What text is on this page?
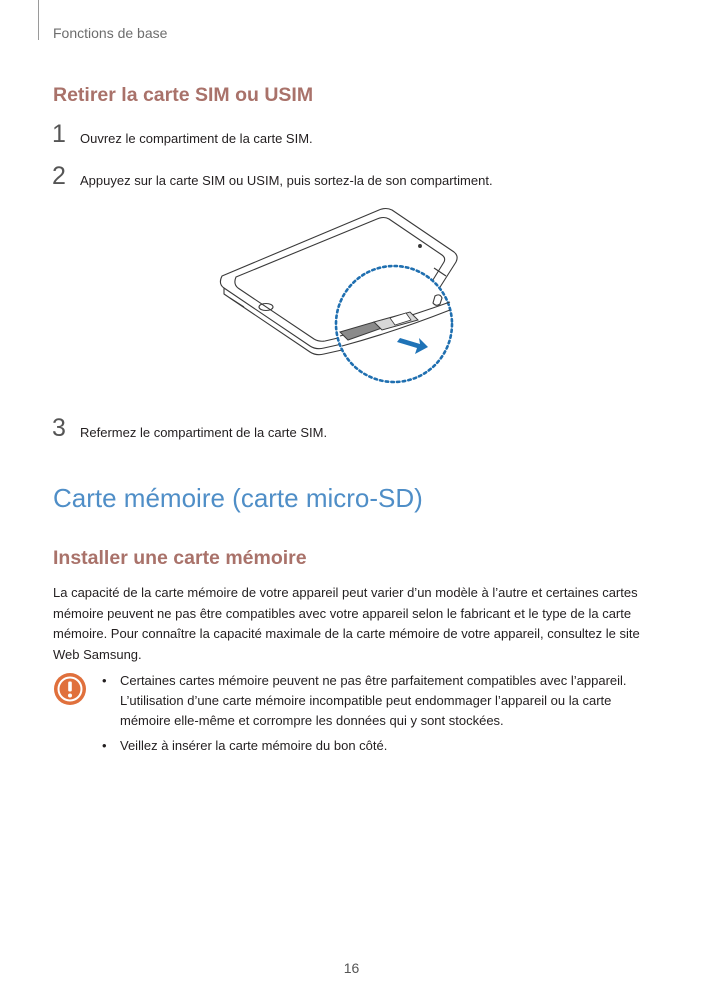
Fonctions de base
Retirer la carte SIM ou USIM
1	Ouvrez le compartiment de la carte SIM.
2	Appuyez sur la carte SIM ou USIM, puis sortez-la de son compartiment.
3	Refermez le compartiment de la carte SIM.
Carte mémoire (carte micro-SD)
Installer une carte mémoire

La capacité de la carte mémoire de votre appareil peut varier d’un modèle à l’autre et certaines cartes mémoire peuvent ne pas être compatibles avec votre appareil selon le fabricant et le type de la carte mémoire. Pour connaître la capacité maximale de la carte mémoire de votre appareil, consultez le site Web Samsung.

• Certaines cartes mémoire peuvent ne pas être parfaitement compatibles avec l’appareil. L’utilisation d’une carte mémoire incompatible peut endommager l’appareil ou la carte mémoire elle-même et corrompre les données qui y sont stockées.
• Veillez à insérer la carte mémoire du bon côté.
16
